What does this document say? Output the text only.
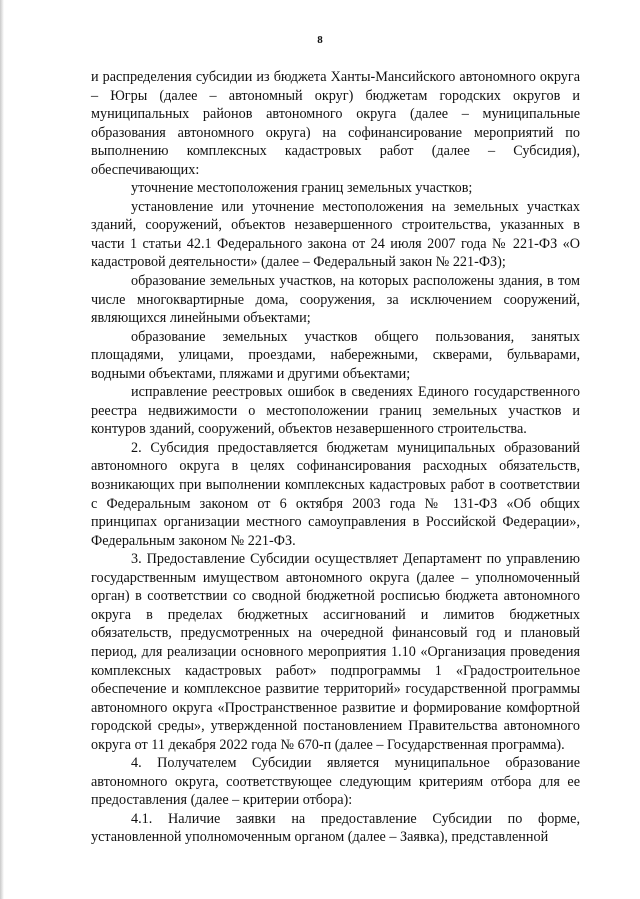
8

и распределения субсидии из бюджета Ханты-Мансийского автономного округа – Югры (далее – автономный округ) бюджетам городских округов и муниципальных районов автономного округа (далее – муниципальные образования автономного округа) на софинансирование мероприятий по выполнению комплексных кадастровых работ (далее – Субсидия), обеспечивающих:

уточнение местоположения границ земельных участков;

установление или уточнение местоположения на земельных участках зданий, сооружений, объектов незавершенного строительства, указанных в части 1 статьи 42.1 Федерального закона от 24 июля 2007 года № 221-ФЗ «О кадастровой деятельности» (далее – Федеральный закон № 221-ФЗ);

образование земельных участков, на которых расположены здания, в том числе многоквартирные дома, сооружения, за исключением сооружений, являющихся линейными объектами;

образование земельных участков общего пользования, занятых площадями, улицами, проездами, набережными, скверами, бульварами, водными объектами, пляжами и другими объектами;

исправление реестровых ошибок в сведениях Единого государственного реестра недвижимости о местоположении границ земельных участков и контуров зданий, сооружений, объектов незавершенного строительства.

2. Субсидия предоставляется бюджетам муниципальных образований автономного округа в целях софинансирования расходных обязательств, возникающих при выполнении комплексных кадастровых работ в соответствии с Федеральным законом от 6 октября 2003 года № 131-ФЗ «Об общих принципах организации местного самоуправления в Российской Федерации», Федеральным законом № 221-ФЗ.

3. Предоставление Субсидии осуществляет Департамент по управлению государственным имуществом автономного округа (далее – уполномоченный орган) в соответствии со сводной бюджетной росписью бюджета автономного округа в пределах бюджетных ассигнований и лимитов бюджетных обязательств, предусмотренных на очередной финансовый год и плановый период, для реализации основного мероприятия 1.10 «Организация проведения комплексных кадастровых работ» подпрограммы 1 «Градостроительное обеспечение и комплексное развитие территорий» государственной программы автономного округа «Пространственное развитие и формирование комфортной городской среды», утвержденной постановлением Правительства автономного округа от 11 декабря 2022 года № 670-п (далее – Государственная программа).

4. Получателем Субсидии является муниципальное образование автономного округа, соответствующее следующим критериям отбора для ее предоставления (далее – критерии отбора):

4.1. Наличие заявки на предоставление Субсидии по форме, установленной уполномоченным органом (далее – Заявка), представленной
